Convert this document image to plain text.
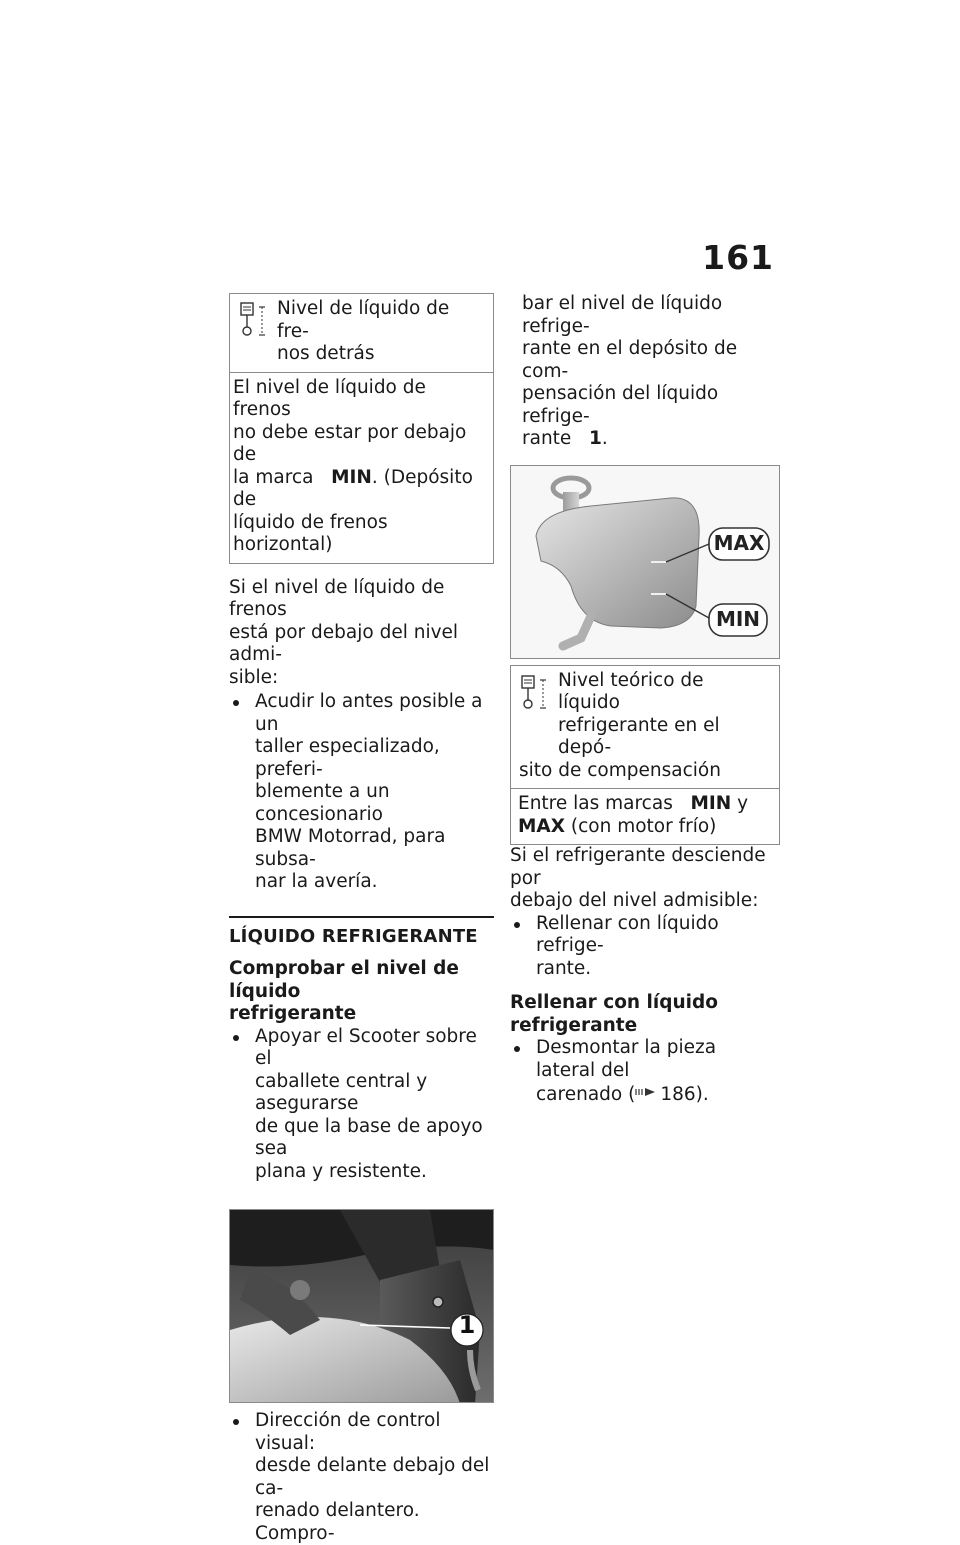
161
Nivel de líquido de fre-
nos detrás
El nivel de líquido de frenos
no debe estar por debajo de
la marca MIN. (Depósito de
líquido de frenos horizontal)
Si el nivel de líquido de frenos
está por debajo del nivel admi-
sible:
Acudir lo antes posible a un
taller especializado, preferi-
blemente a un concesionario
BMW Motorrad, para subsa-
nar la avería.
LÍQUIDO REFRIGERANTE
Comprobar el nivel de líquido
refrigerante
Apoyar el Scooter sobre el
caballete central y asegurarse
de que la base de apoyo sea
plana y resistente.
1
Dirección de control visual:
desde delante debajo del ca-
renado delantero. Compro-
bar el nivel de líquido refrige-
rante en el depósito de com-
pensación del líquido refrige-
rante 1.
MAX
MIN
Nivel teórico de líquido
refrigerante en el depó-
sito de compensación
Entre las marcas MIN y
MAX (con motor frío)
Si el refrigerante desciende por
debajo del nivel admisible:
Rellenar con líquido refrige-
rante.
Rellenar con líquido
refrigerante
Desmontar la pieza lateral del
carenado ( 186).
